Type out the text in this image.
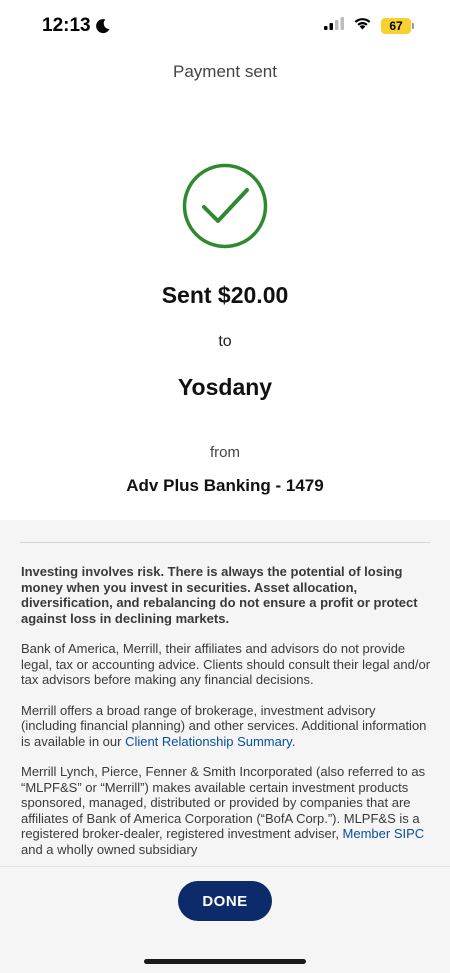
12:13	67
Payment sent
Sent $20.00
to
Yosdany
from
Adv Plus Banking - 1479

Investing involves risk. There is always the potential of losing money when you invest in securities. Asset allocation, diversification, and rebalancing do not ensure a profit or protect against loss in declining markets.

Bank of America, Merrill, their affiliates and advisors do not provide legal, tax or accounting advice. Clients should consult their legal and/or tax advisors before making any financial decisions.

Merrill offers a broad range of brokerage, investment advisory (including financial planning) and other services. Additional information is available in our Client Relationship Summary.

Merrill Lynch, Pierce, Fenner & Smith Incorporated (also referred to as “MLPF&S” or “Merrill”) makes available certain investment products sponsored, managed, distributed or provided by companies that are affiliates of Bank of America Corporation (“BofA Corp.”). MLPF&S is a registered broker-dealer, registered investment adviser, Member SIPC and a wholly owned subsidiary

DONE
